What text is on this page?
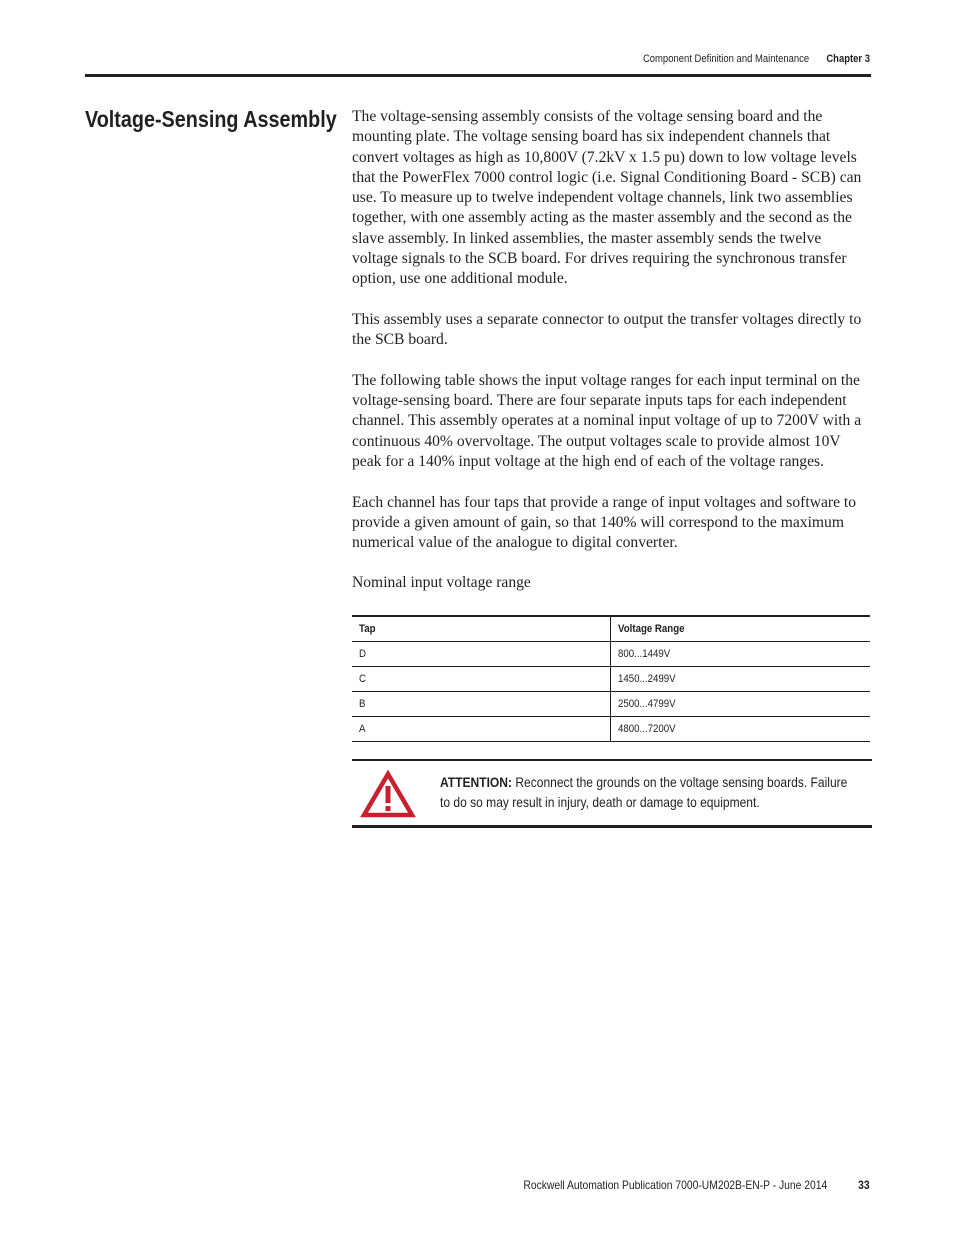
Component Definition and Maintenance Chapter 3
Voltage-Sensing Assembly The voltage-sensing assembly consists of the voltage sensing board and the mounting plate. The voltage sensing board has six independent channels that convert voltages as high as 10,800V (7.2kV x 1.5 pu) down to low voltage levels that the PowerFlex 7000 control logic (i.e. Signal Conditioning Board - SCB) can use. To measure up to twelve independent voltage channels, link two assemblies together, with one assembly acting as the master assembly and the second as the slave assembly. In linked assemblies, the master assembly sends the twelve voltage signals to the SCB board. For drives requiring the synchronous transfer option, use one additional module.

This assembly uses a separate connector to output the transfer voltages directly to the SCB board.

The following table shows the input voltage ranges for each input terminal on the voltage-sensing board. There are four separate inputs taps for each independent channel. This assembly operates at a nominal input voltage of up to 7200V with a continuous 40% overvoltage. The output voltages scale to provide almost 10V peak for a 140% input voltage at the high end of each of the voltage ranges.

Each channel has four taps that provide a range of input voltages and software to provide a given amount of gain, so that 140% will correspond to the maximum numerical value of the analogue to digital converter.

Nominal input voltage range
Tap	Voltage Range
D	800...1449V
C	1450...2499V
B	2500...4799V
A	4800...7200V
ATTENTION: Reconnect the grounds on the voltage sensing boards. Failure to do so may result in injury, death or damage to equipment.
Rockwell Automation Publication 7000-UM202B-EN-P - June 2014	33
